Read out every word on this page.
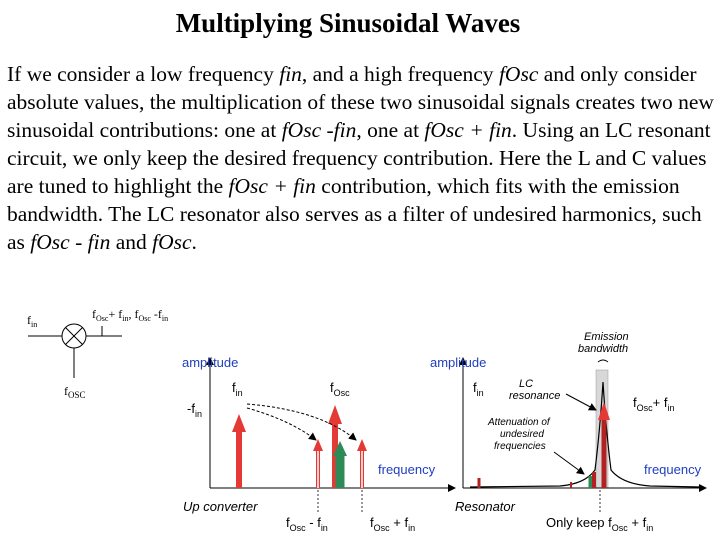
Multiplying Sinusoidal Waves
If we consider a low frequency fin, and a high frequency fOsc and only consider absolute values, the multiplication of these two sinusoidal signals creates two new sinusoidal contributions: one at fOsc -fin, one at fOsc + fin. Using an LC resonant circuit, we only keep the desired frequency contribution. Here the L and C values are tuned to highlight the fOsc + fin contribution, which fits with the emission bandwidth. The LC resonator also serves as a filter of undesired harmonics, such as fOsc - fin and fOsc.
$f_{in}$
$f_{Osc}+ f_{in}$, $f_{Osc}$ $-f_{in}$
$f_{OSC}$
amplitude
frequency
Up converter
$f_{in}$
$-f_{in}$
$f_{Osc}$
$f_{Osc} - f_{in}$	$f_{Osc} + f_{in}$
Emission
bandwidth
amplitude
frequency
Resonator
$f_{in}$
LC
resonance
Attenuation of
undesired
frequencies
$f_{Osc}+ f_{in}$
Only keep $f_{Osc} + f_{in}$
